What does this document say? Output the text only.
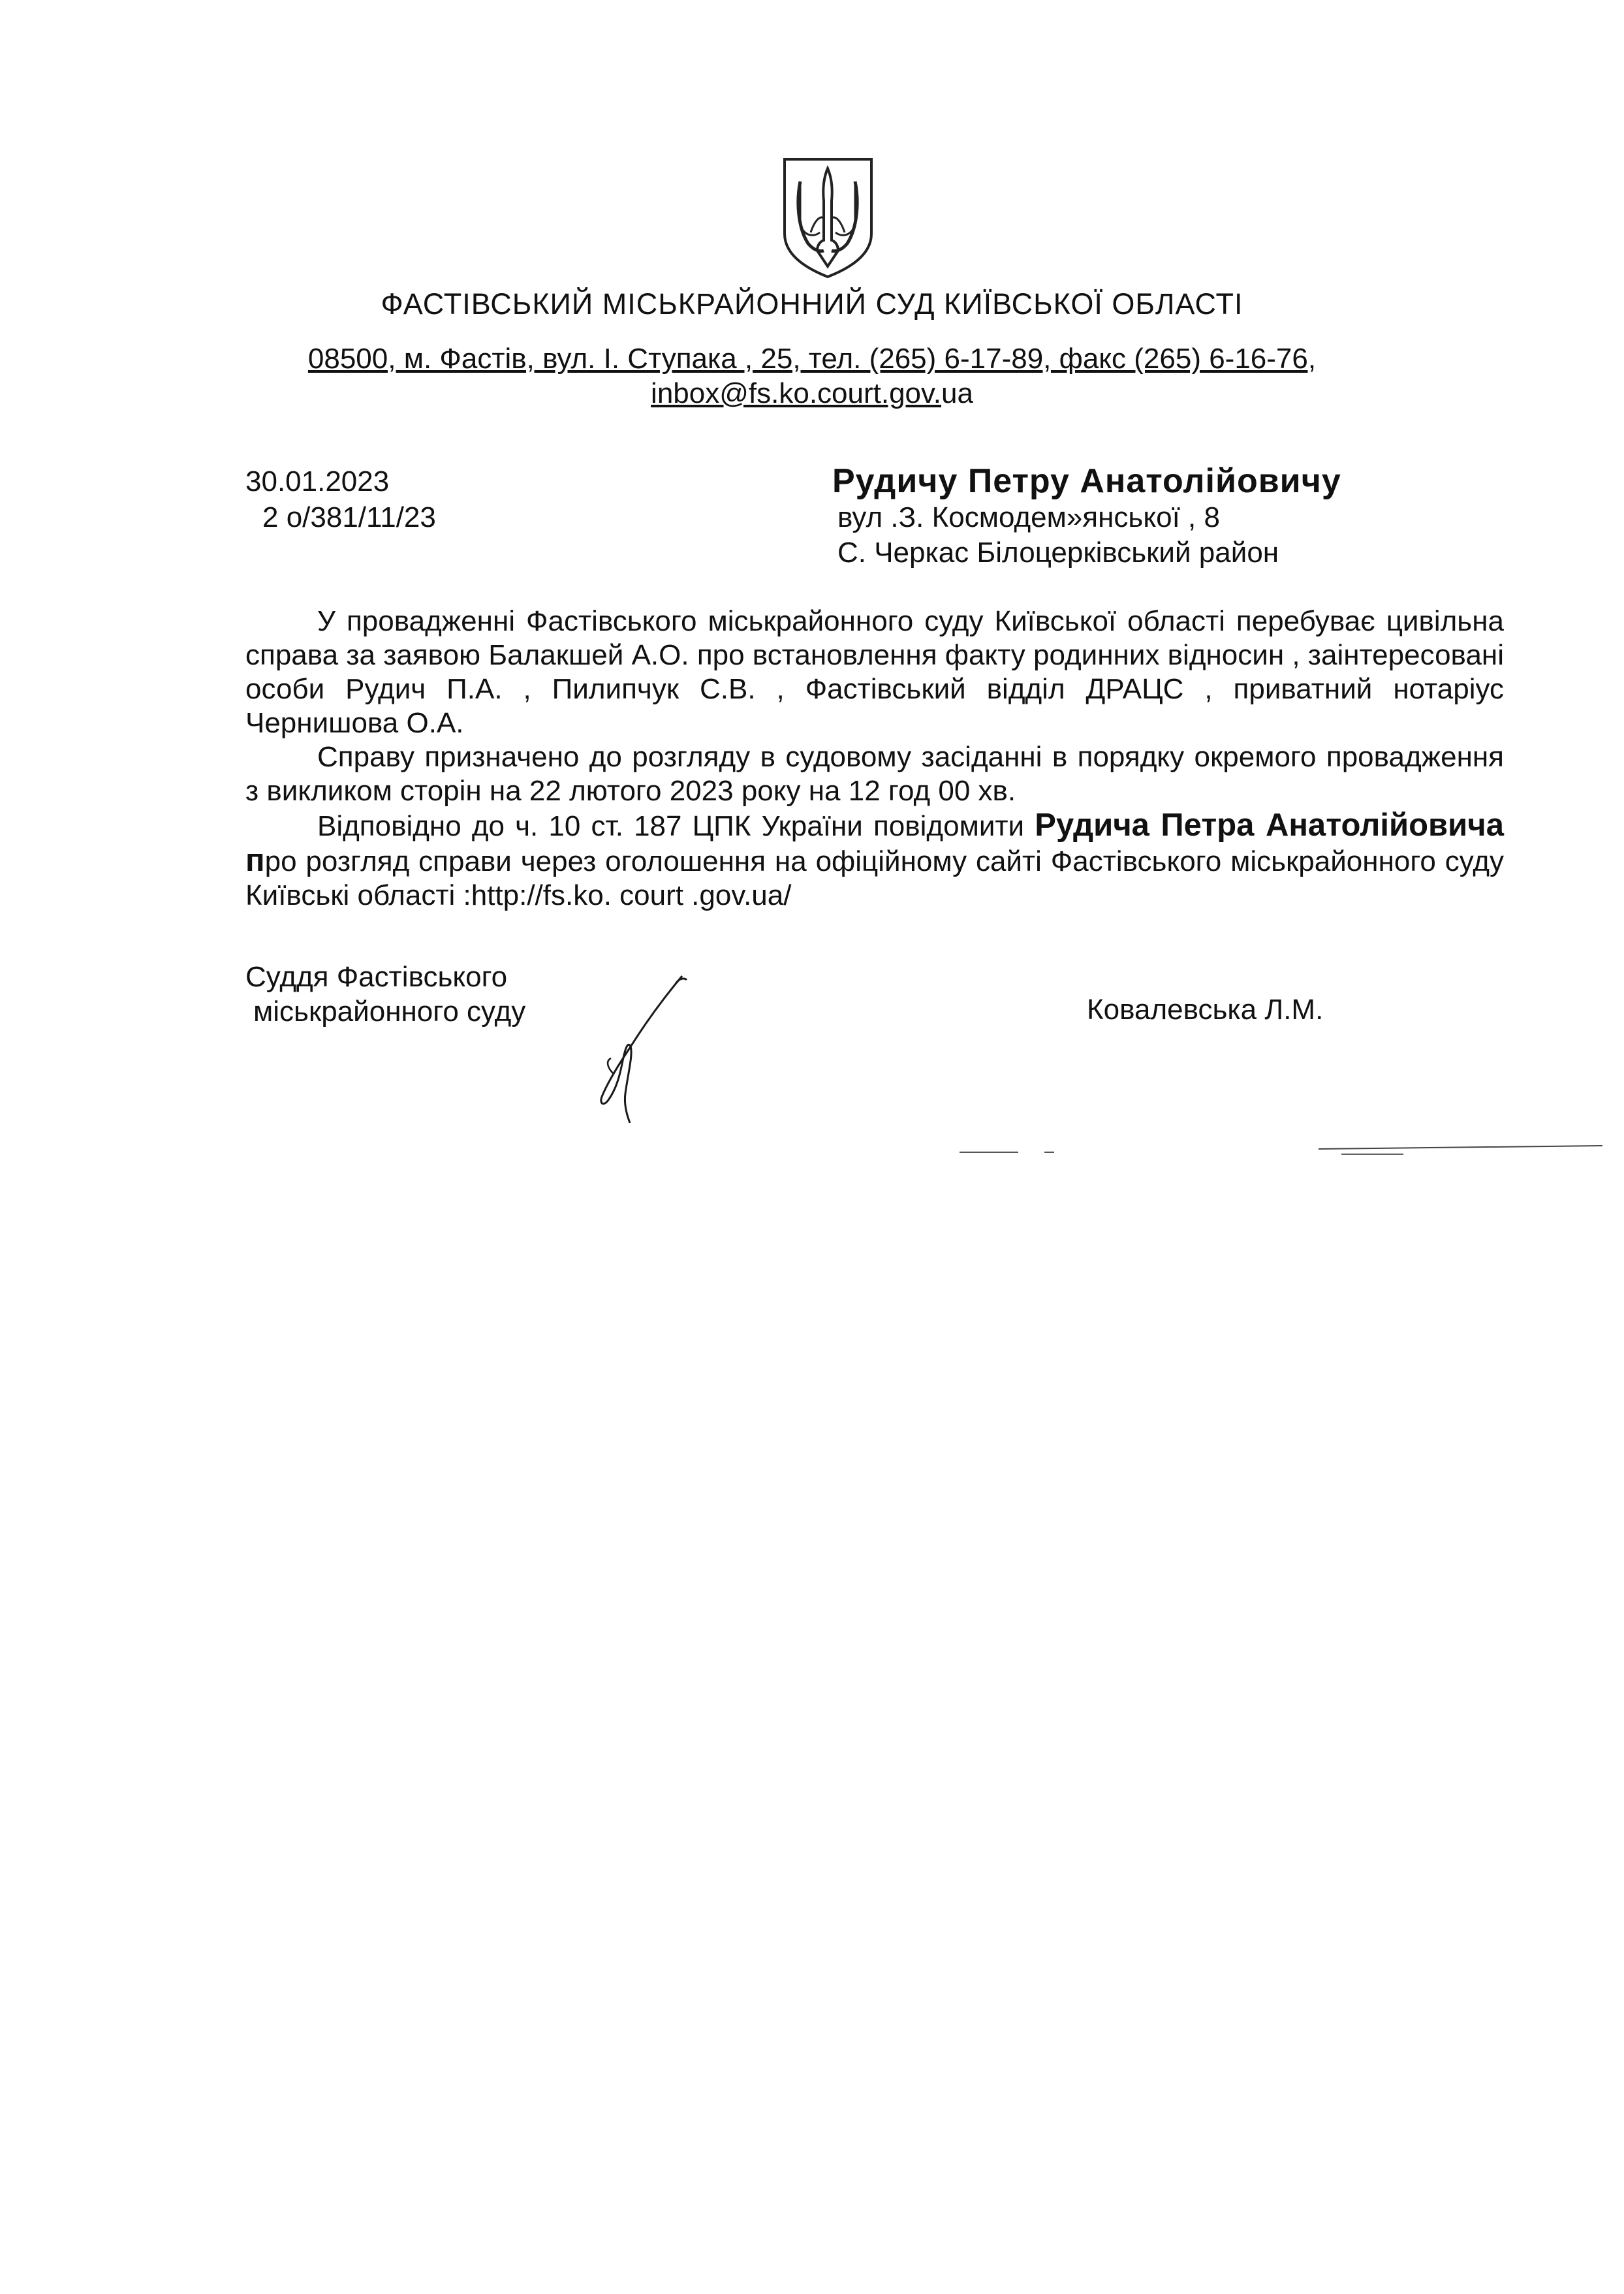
ФАСТІВСЬКИЙ МІСЬКРАЙОННИЙ СУД КИЇВСЬКОЇ ОБЛАСТІ
08500, м. Фастів, вул. І. Ступака , 25, тел. (265) 6-17-89, факс (265) 6-16-76,
inbox@fs.ko.court.gov.ua
30.01.2023
2 о/381/11/23
Рудичу Петру Анатолійовичу
вул .З. Космодем»янської , 8
С. Черкас Білоцерківський район

У провадженні Фастівського міськрайонного суду Київської області перебуває цивільна справа за заявою Балакшей А.О. про встановлення факту родинних відносин , заінтересовані особи Рудич П.А. , Пилипчук С.В. , Фастівський відділ ДРАЦС , приватний нотаріус Чернишова О.А.

Справу призначено до розгляду в судовому засіданні в порядку окремого провадження з викликом сторін на 22 лютого 2023 року на 12 год 00 хв.

Відповідно до ч. 10 ст. 187 ЦПК України повідомити Рудича Петра Анатолійовича про розгляд справи через оголошення на офіційному сайті Фастівського міськрайонного суду Київські області :http://fs.ko. court .gov.ua/

Суддя Фастівського
міськрайонного суду	Ковалевська Л.М.
